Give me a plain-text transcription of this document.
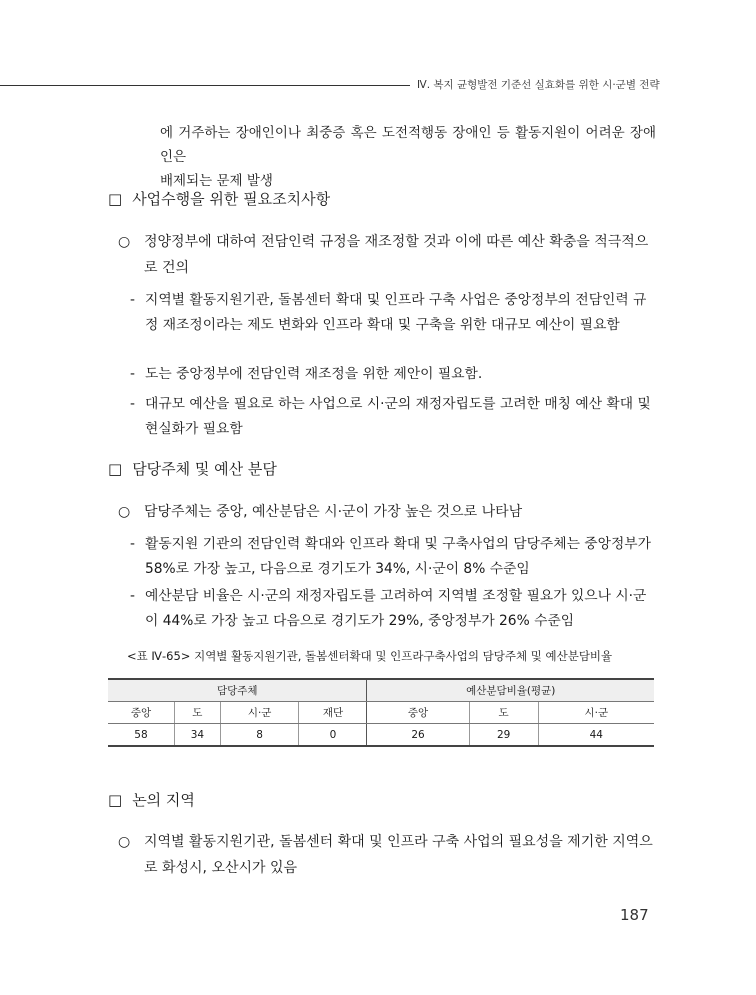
Ⅳ. 복지 균형발전 기준선 실효화를 위한 시·군별 전략
에 거주하는 장애인이나 최중증 혹은 도전적행동 장애인 등 활동지원이 어려운 장애인은
배제되는 문제 발생
□ 사업수행을 위한 필요조치사항
○ 정양정부에 대하여 전담인력 규정을 재조정할 것과 이에 따른 예산 확충을 적극적으로 건의
- 지역별 활동지원기관, 돌봄센터 확대 및 인프라 구축 사업은 중앙정부의 전담인력 규정 재조정이라는 제도 변화와 인프라 확대 및 구축을 위한 대규모 예산이 필요함
- 도는 중앙정부에 전담인력 재조정을 위한 제안이 필요함.
- 대규모 예산을 필요로 하는 사업으로 시·군의 재정자립도를 고려한 매칭 예산 확대 및 현실화가 필요함
□ 담당주체 및 예산 분담
○ 담당주체는 중앙, 예산분담은 시·군이 가장 높은 것으로 나타남
- 활동지원 기관의 전담인력 확대와 인프라 확대 및 구축사업의 담당주체는 중앙정부가 58%로 가장 높고, 다음으로 경기도가 34%, 시·군이 8% 수준임
- 예산분담 비율은 시·군의 재정자립도를 고려하여 지역별 조정할 필요가 있으나 시·군이 44%로 가장 높고 다음으로 경기도가 29%, 중앙정부가 26% 수준임
<표 Ⅳ-65> 지역별 활동지원기관, 돌봄센터확대 및 인프라구축사업의 담당주체 및 예산분담비율
담당주체				예산분담비율(평균)		
중앙	도	시·군	재단	중앙	도	시·군
58	34	8	0	26	29	44
□ 논의 지역
○ 지역별 활동지원기관, 돌봄센터 확대 및 인프라 구축 사업의 필요성을 제기한 지역으로 화성시, 오산시가 있음
187
